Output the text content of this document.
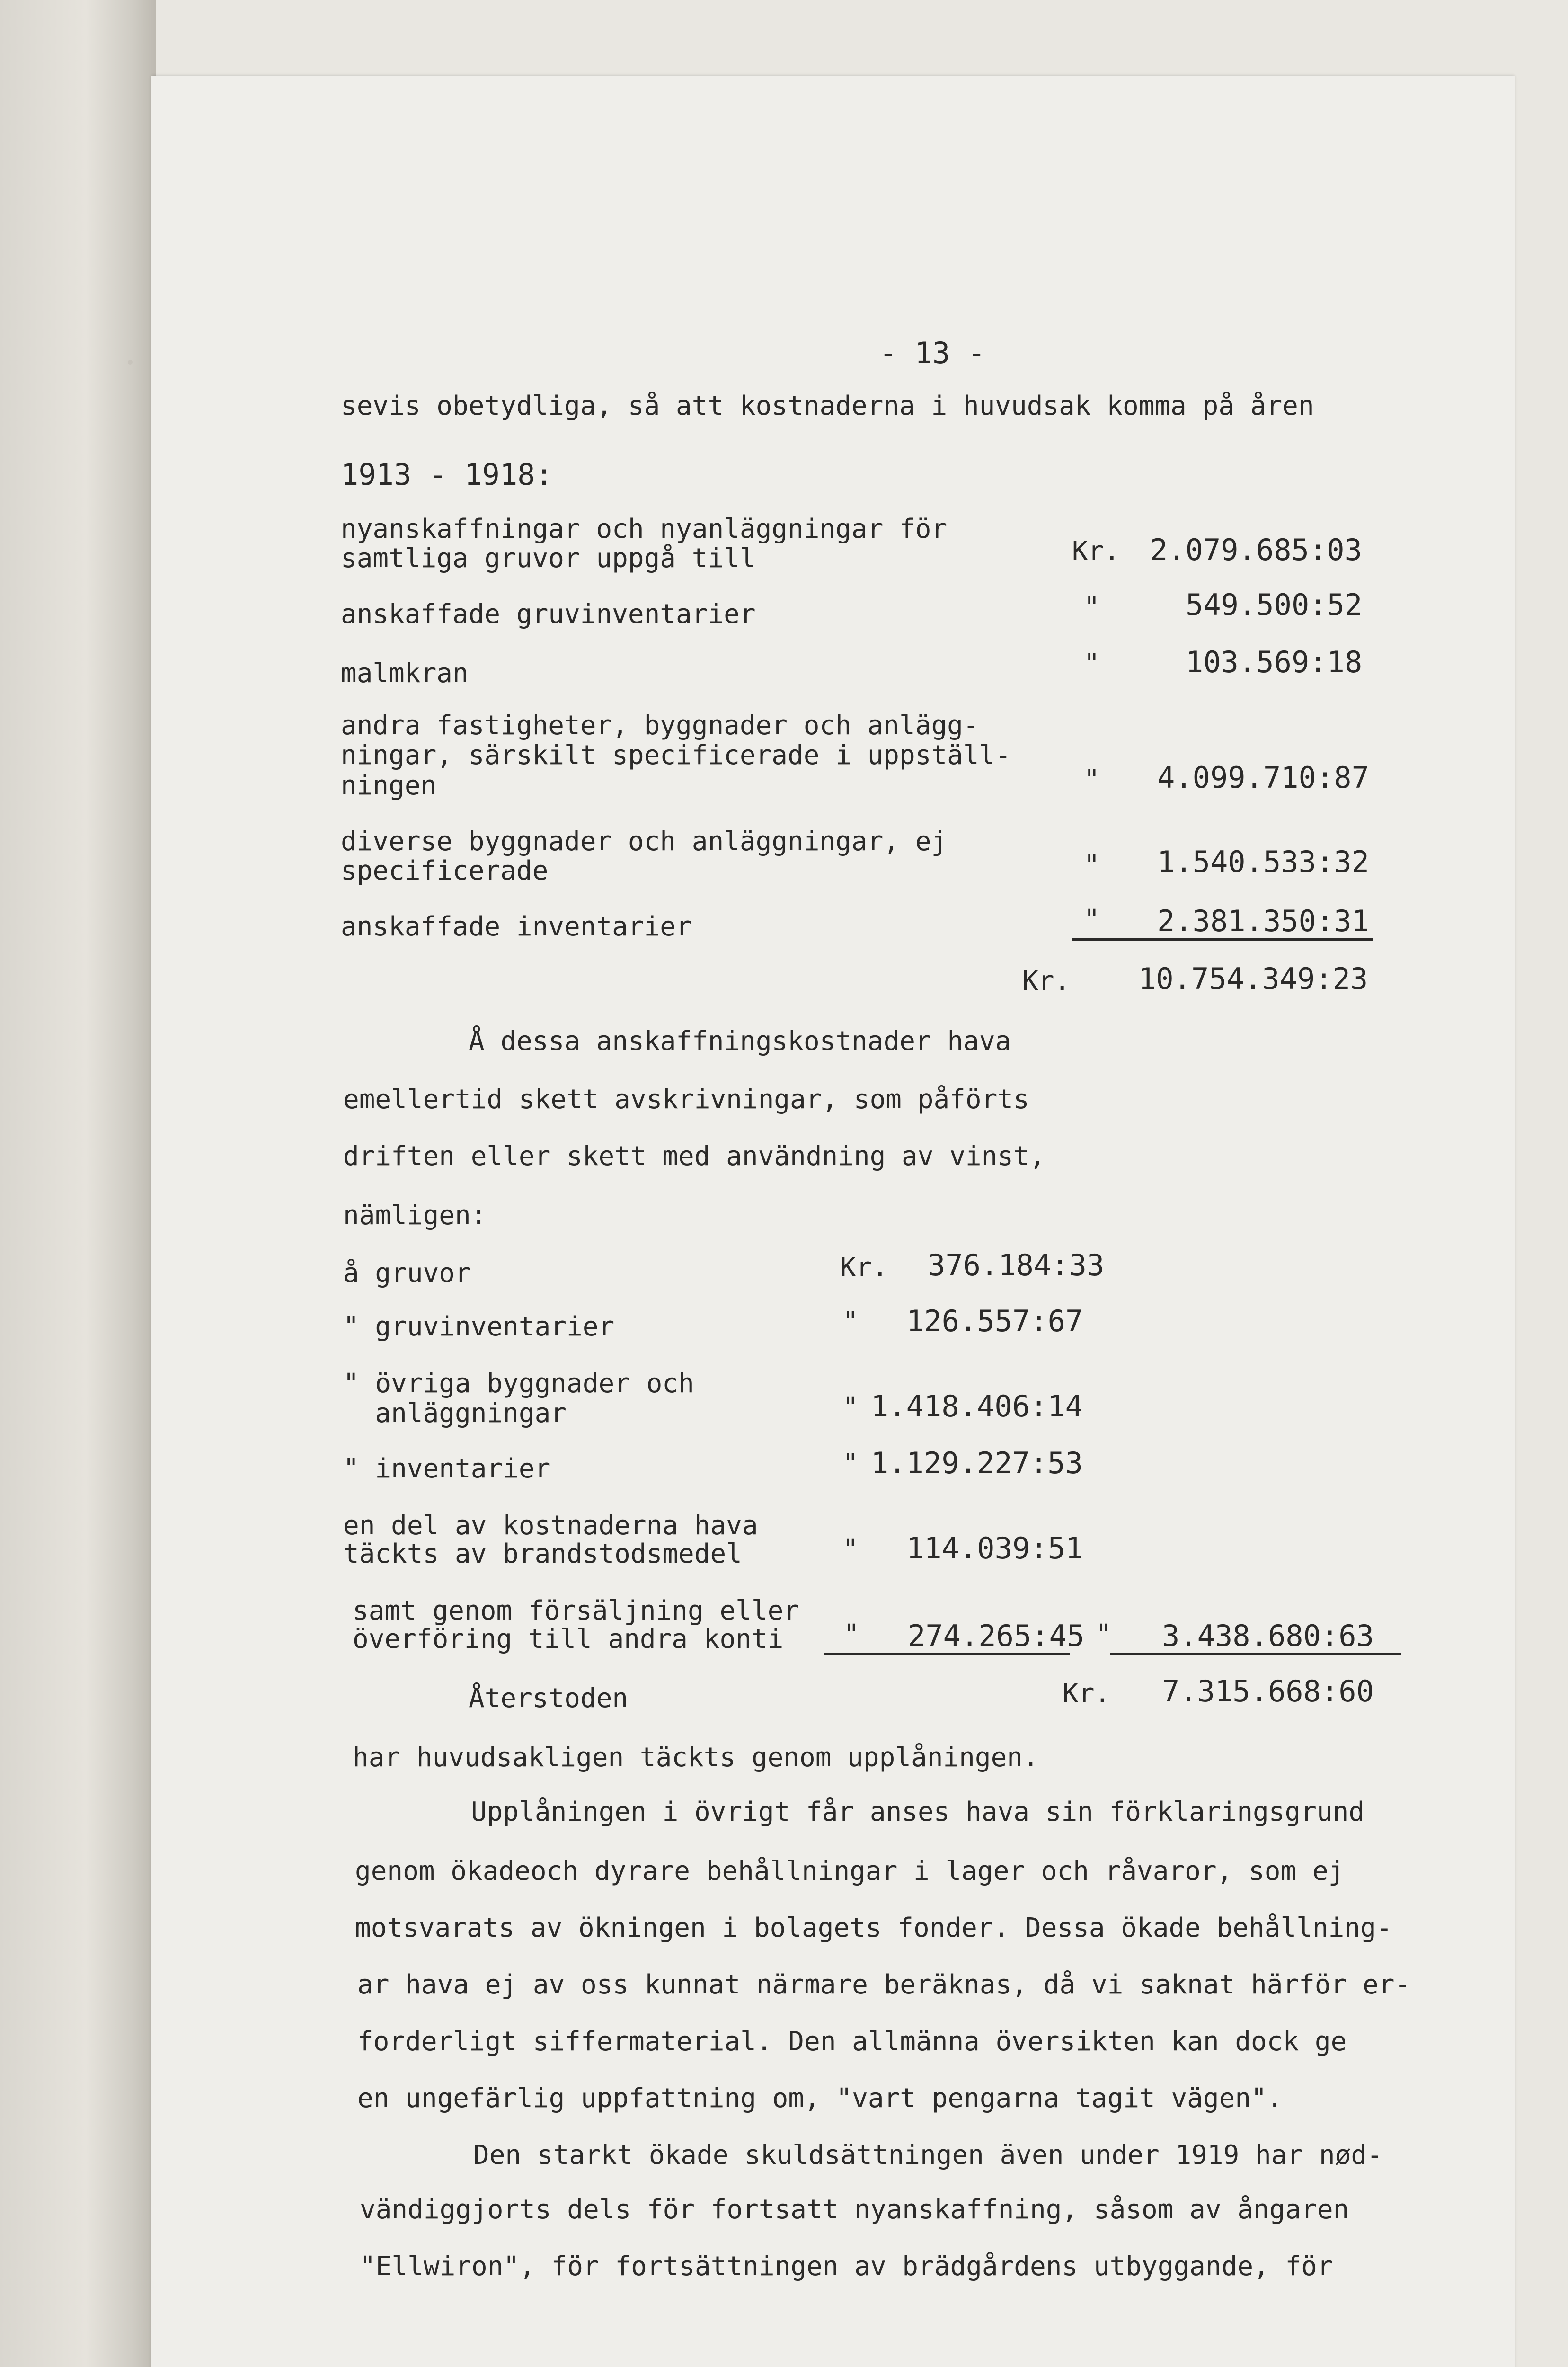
- 13 -
sevis obetydliga, så att kostnaderna i huvudsak komma på åren
1913 - 1918:
nyanskaffningar och nyanläggningar för
samtliga gruvor uppgå till	Kr. 2.079.685:03
anskaffade gruvinventarier	"	549.500:52
malmkran	"	103.569:18
andra fastigheter, byggnader och anlägg-
ningar, särskilt specificerade i uppställ-
ningen	" 4.099.710:87
diverse byggnader och anläggningar, ej
specificerade	" 1.540.533:32
anskaffade inventarier	" 2.381.350:31
Kr. 10.754.349:23
Å dessa anskaffningskostnader hava
emellertid skett avskrivningar, som påförts
driften eller skett med användning av vinst,
nämligen:
å gruvor	Kr. 376.184:33
" gruvinventarier	" 126.557:67
" övriga byggnader och
anläggningar	" 1.418.406:14
" inventarier	" 1.129.227:53
en del av kostnaderna hava
täckts av brandstodsmedel	" 114.039:51
samt genom försäljning eller
överföring till andra konti " 274.265:45 " 3.438.680:63
Återstoden	Kr. 7.315.668:60
har huvudsakligen täckts genom upplåningen.
Upplåningen i övrigt får anses hava sin förklaringsgrund
genom ökadeoch dyrare behållningar i lager och råvaror, som ej
motsvarats av ökningen i bolagets fonder. Dessa ökade behållning-
ar hava ej av oss kunnat närmare beräknas, då vi saknat härför er-
forderligt siffermaterial. Den allmänna översikten kan dock ge
en ungefärlig uppfattning om, "vart pengarna tagit vägen".
Den starkt ökade skuldsättningen även under 1919 har nød-
vändiggjorts dels för fortsatt nyanskaffning, såsom av ångaren
"Ellwiron", för fortsättningen av brädgårdens utbyggande, för
